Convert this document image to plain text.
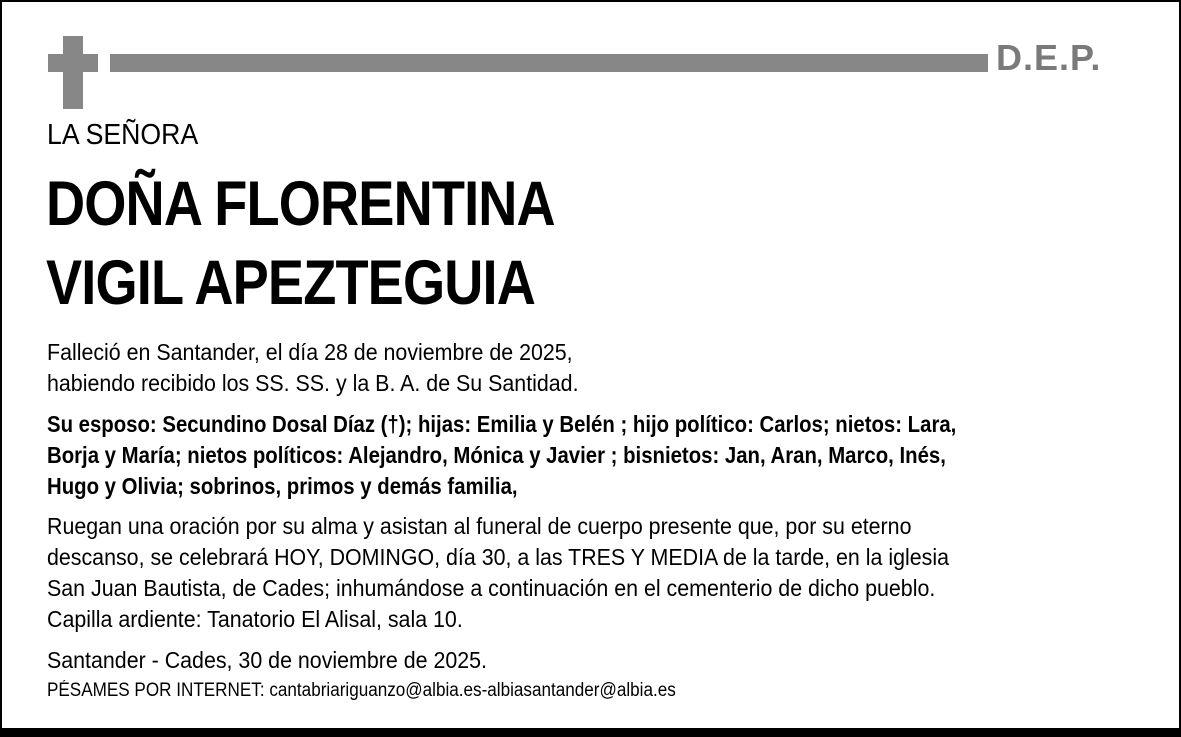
D.E.P.
LA SEÑORA
DOÑA FLORENTINA
VIGIL APEZTEGUIA
Falleció en Santander, el día 28 de noviembre de 2025,
habiendo recibido los SS. SS. y la B. A. de Su Santidad.
Su esposo: Secundino Dosal Díaz (†); hijas: Emilia y Belén ; hijo político: Carlos; nietos: Lara,
Borja y María; nietos políticos: Alejandro, Mónica y Javier ; bisnietos: Jan, Aran, Marco, Inés,
Hugo y Olivia; sobrinos, primos y demás familia,
Ruegan una oración por su alma y asistan al funeral de cuerpo presente que, por su eterno
descanso, se celebrará HOY, DOMINGO, día 30, a las TRES Y MEDIA de la tarde, en la iglesia
San Juan Bautista, de Cades; inhumándose a continuación en el cementerio de dicho pueblo.
Capilla ardiente: Tanatorio El Alisal, sala 10.
Santander - Cades, 30 de noviembre de 2025.
PÉSAMES POR INTERNET: cantabriariguanzo@albia.es-albiasantander@albia.es
